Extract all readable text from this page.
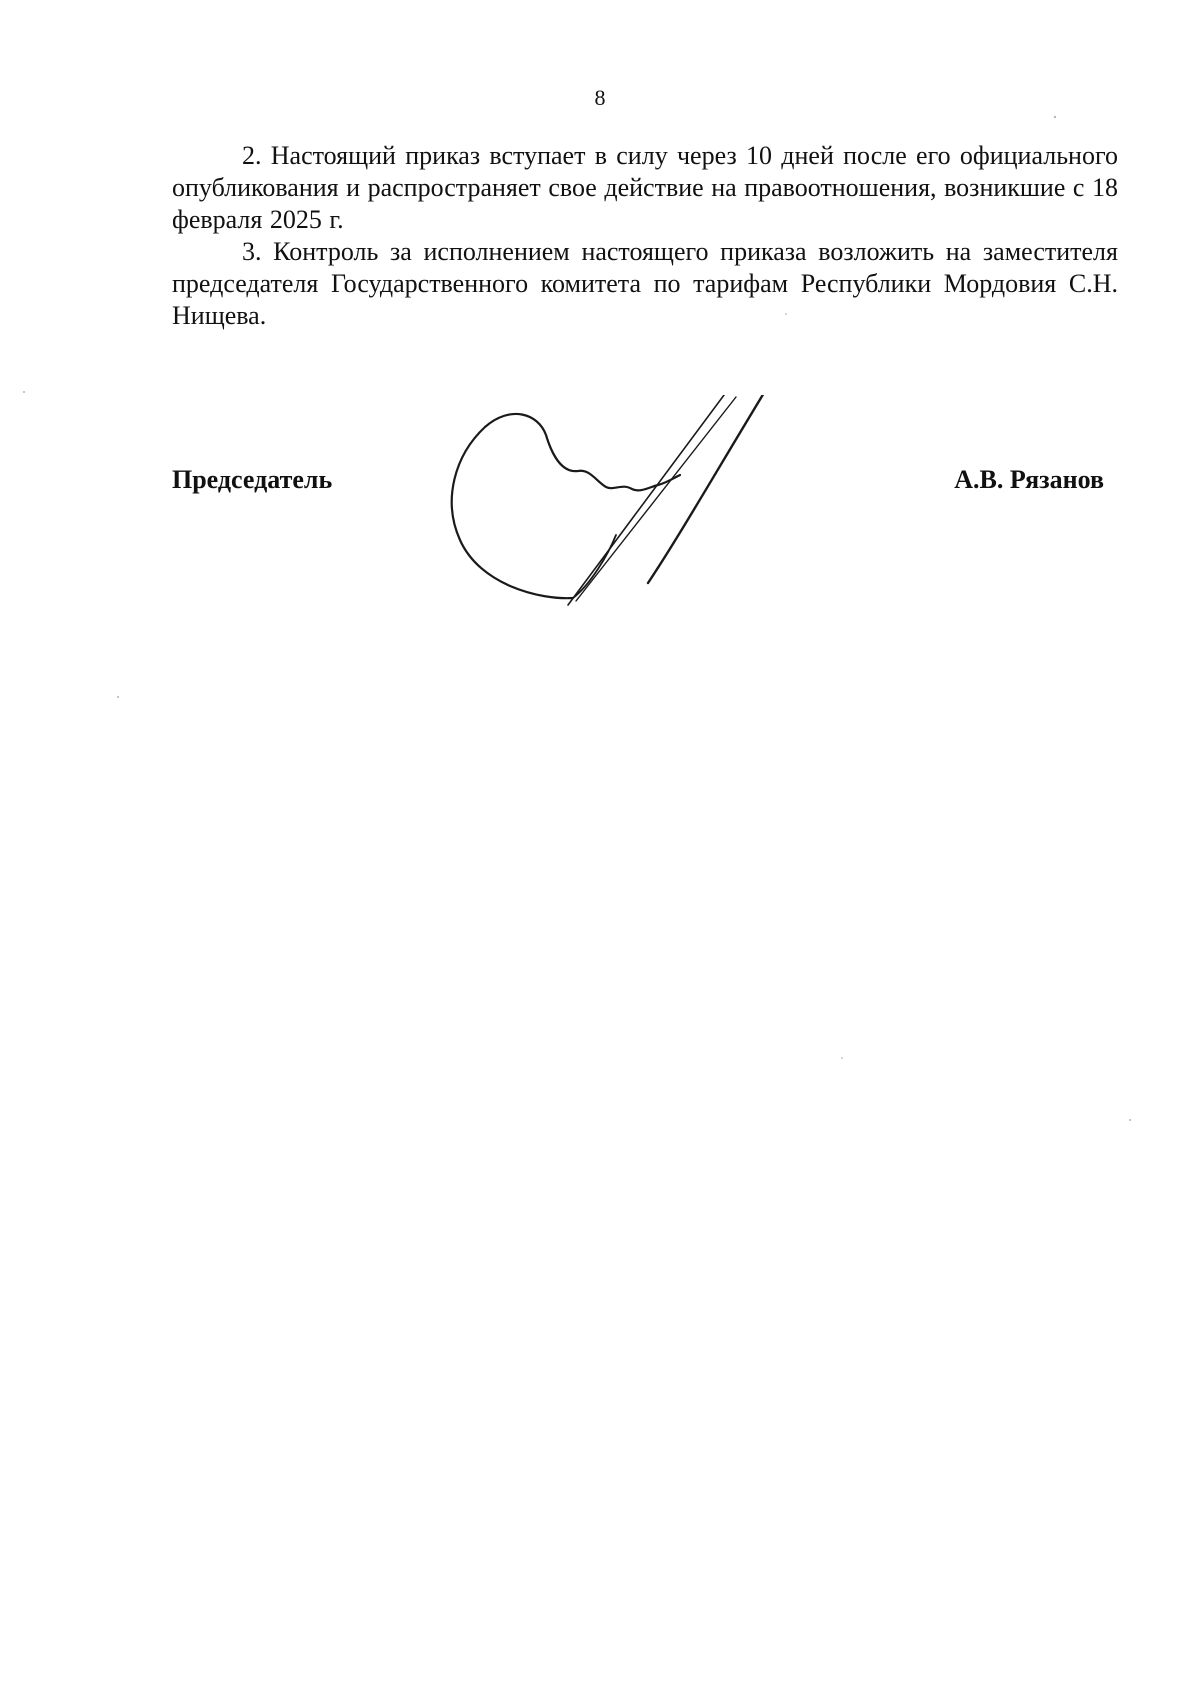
8

2. Настоящий приказ вступает в силу через 10 дней после его официального опубликования и распространяет свое действие на правоотношения, возникшие с 18 февраля 2025 г.

3. Контроль за исполнением настоящего приказа возложить на заместителя председателя Государственного комитета по тарифам Республики Мордовия С.Н. Нищева.

Председатель	А.В. Рязанов
